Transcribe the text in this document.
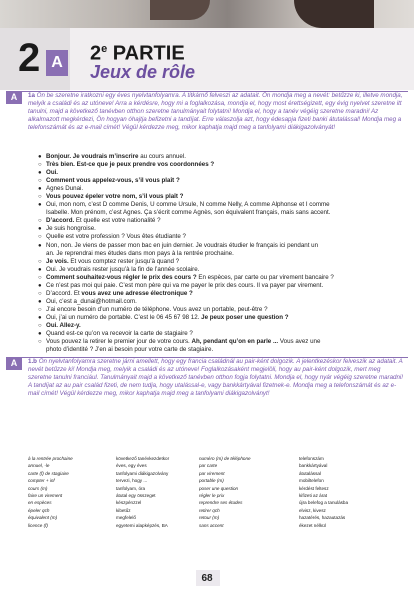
2 A 2e PARTIE
Jeux de rôle
A	1a Ön be szeretne iratkozni egy éves nyelvtanfolyamra. A titkárnő felveszi az adatait. Ön mondja meg a nevét: betűzze ki, illetve mondja, melyik a családi és az utóneve! Arra a kérdésre, hogy mi a foglalkozása, mondja el, hogy most érettségizett, egy évig nyelvet szeretne itt tanulni, majd a következő tanévben otthon szeretne tanulmányait folytatni! Mondja el, hogy a tanév végéig szeretne maradni! Az alkalmazott megkérdezi, Ön hogyan óhajtja befizetni a tandíjat. Erre válaszolja azt, hogy édesapja fizeti banki átutalással! Mondja meg a telefonszámát és az e-mail címét! Végül kérdezze meg, mikor kaphatja majd meg a tanfolyami diákigazolványát!
● Bonjour. Je voudrais m’inscrire au cours annuel.
○ Très bien. Est-ce que je peux prendre vos coordonnées ?
● Oui.
○ Comment vous appelez-vous, s’il vous plaît ?
● Agnes Dunai.
○ Vous pouvez épeler votre nom, s’il vous plaît ?
● Oui, mon nom, c’est D comme Denis, U comme Ursule, N comme Nelly, A comme Alphonse et I comme
Isabelle. Mon prénom, c’est Agnes. Ça s’écrit comme Agnès, son équivalent français, mais sans accent.
○ D’accord. Et quelle est votre nationalité ?
● Je suis hongroise.
○ Quelle est votre profession ? Vous êtes étudiante ?
● Non, non. Je viens de passer mon bac en juin dernier. Je voudrais étudier le français ici pendant un
an. Je reprendrai mes études dans mon pays à la rentrée prochaine.
○ Je vois. Et vous comptez rester jusqu’à quand ?
● Oui. Je voudrais rester jusqu’à la fin de l’année scolaire.
○ Comment souhaitez-vous régler le prix des cours ? En espèces, par carte ou par virement bancaire ?
● Ce n’est pas moi qui paie. C’est mon père qui va me payer le prix des cours. Il va payer par virement.
○ D’accord. Et vous avez une adresse électronique ?
● Oui, c’est a_dunai@hotmail.com.
○ J’ai encore besoin d’un numéro de téléphone. Vous avez un portable, peut-être ?
● Oui, j’ai un numéro de portable. C’est le 06 45 67 98 12. Je peux poser une question ?
○ Oui. Allez-y.
● Quand est-ce qu’on va recevoir la carte de stagiaire ?
○ Vous pouvez la retirer le premier jour de votre cours. Ah, pendant qu’on en parle ... Vous avez une
photo d’identité ? J’en ai besoin pour votre carte de stagiaire.
A	1.b Ön nyelvtanfolyamra szeretne járni amellett, hogy egy francia családnál au pair-ként dolgozik. A jelentkezéskor felveszik az adatait. A nevét betűzze ki! Mondja meg, melyik a családi és az utóneve! Foglalkozásaként megjelöli, hogy au pair-ként dolgozik, mert meg szeretne tanulni franciául. Tanulmányait majd a következő tanévben otthon fogja folytatni. Mondja el, hogy nyár végéig szeretne maradni! A tandíjat az au pair család fizeti, de nem tudja, hogy utalással-e, vagy bankkártyával fizetnek-e. Mondja meg a telefonszámát és az e-mail címét! Végül kérdezze meg, mikor kaphatja majd meg a tanfolyami diákigazolványt!
à la rentrée prochaine	következő tanévkezdetkor	numéro (m) de téléphone	telefonszám
annuel, -le	éves, egy éves	par carte	bankkártyával
carte (f) de stagiaire	tanfolyami diákigazolvány	par virement	átutalással
compter + inf	tervezi, hogy ...	portable (m)	mobiltelefon
cours (m)	tanfolyam, óra	poser une question	kérdést feltesz
faire un virement	átutal egy összeget	régler le prix	kifizeti az árat
en espèces	készpénzzel	reprendre ses études	újra belefog a tanulásba
épeler qch	kibetűz	retirer qch	elvisz, kivesz
équivalent (m)	megfelelő	retour (m)	hazatérés, hazautazás
licence (f)	egyetemi alapképzés, BA	sans accent	ékezet nélkül
68
